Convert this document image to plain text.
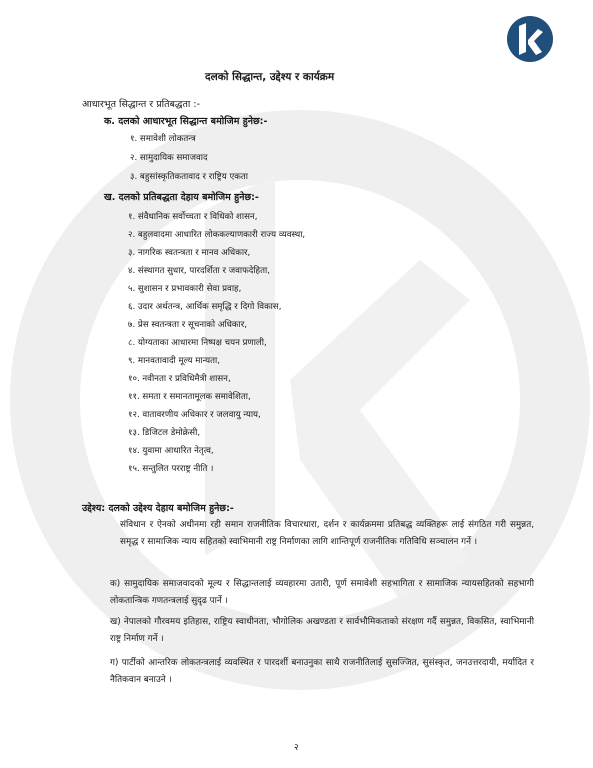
दलको सिद्धान्त, उद्देश्य र कार्यक्रम
आधारभूत सिद्धान्त र प्रतिबद्धता :-
क. दलको आधारभूत सिद्धान्त बमोजिम हुनेछ:-
१. समावेशी लोकतन्त्र
२. सामुदायिक समाजवाद
३. बहुसांस्कृतिकतावाद र राष्ट्रिय एकता
ख. दलको प्रतिबद्धता देहाय बमोजिम हुनेछ:-
१. संवैधानिक सर्वोच्चता र विधिको शासन,
२. बहुलवादमा आधारित लोककल्याणकारी राज्य व्यवस्था,
३. नागरिक स्वतन्त्रता र मानव अधिकार,
४. संस्थागत सुधार, पारदर्शिता र जवाफदेहिता,
५. सुशासन र प्रभावकारी सेवा प्रवाह,
६. उदार अर्थतन्त्र, आर्थिक समृद्धि र दिगो विकास,
७. प्रेस स्वतन्त्रता र सूचनाको अधिकार,
८. योग्यताका आधारमा निष्पक्ष चयन प्रणाली,
९. मानवतावादी मूल्य मान्यता,
१०. नवीनता र प्रविधिमैत्री शासन,
११. समता र समानतामूलक समावेशिता,
१२. वातावरणीय अधिकार र जलवायु न्याय,
१३. डिजिटल डेमोक्रेसी,
१४. युवामा आधारित नेतृत्व,
१५. सन्तुलित परराष्ट्र नीति ।
उद्देश्य: दलको उद्देश्य देहाय बमोजिम हुनेछ:-
संविधान र ऐनको अधीनमा रही समान राजनीतिक विचारधारा, दर्शन र कार्यक्रममा प्रतिबद्ध व्यक्तिहरू लाई संगठित गरी समुन्नत, समृद्ध र सामाजिक न्याय सहितको स्वाभिमानी राष्ट्र निर्माणका लागि शान्तिपूर्ण राजनीतिक गतिविधि सञ्चालन गर्ने ।
क) सामुदायिक समाजवादको मूल्य र सिद्धान्तलाई व्यवहारमा उतारी, पूर्ण समावेशी सहभागिता र सामाजिक न्यायसहितको सहभागी लोकतान्त्रिक गणतन्त्रलाई सुदृढ पार्ने ।
ख) नेपालको गौरवमय इतिहास, राष्ट्रिय स्वाधीनता, भौगोलिक अखण्डता र सार्वभौमिकताको संरक्षण गर्दै समुन्नत, विकसित, स्वाभिमानी राष्ट्र निर्माण गर्ने ।
ग) पार्टीको आन्तरिक लोकतन्त्रलाई व्यवस्थित र पारदर्शी बनाउनुका साथै राजनीतिलाई सुसज्जित, सुसंस्कृत, जनउत्तरदायी, मर्यादित र नैतिकवान बनाउने ।
२
